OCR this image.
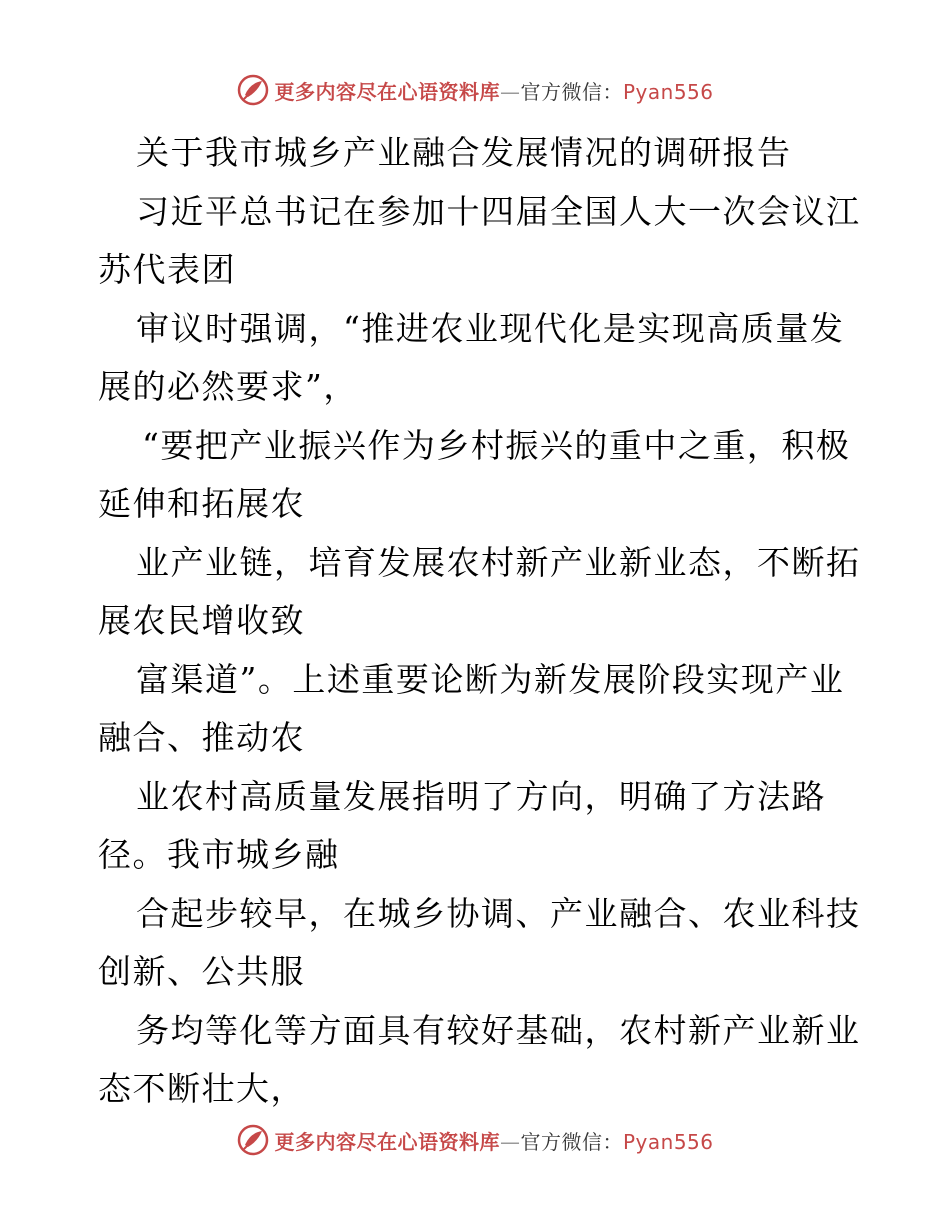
更多内容尽在心语资料库—官方微信：Pyan556
关于我市城乡产业融合发展情况的调研报告
习近平总书记在参加十四届全国人大一次会议江
苏代表团
审议时强调，“推进农业现代化是实现高质量发
展的必然要求”，
“要把产业振兴作为乡村振兴的重中之重，积极
延伸和拓展农
业产业链，培育发展农村新产业新业态，不断拓
展农民增收致
富渠道”。上述重要论断为新发展阶段实现产业
融合、推动农
业农村高质量发展指明了方向，明确了方法路
径。我市城乡融
合起步较早，在城乡协调、产业融合、农业科技
创新、公共服
务均等化等方面具有较好基础，农村新产业新业
态不断壮大，
更多内容尽在心语资料库—官方微信：Pyan556
